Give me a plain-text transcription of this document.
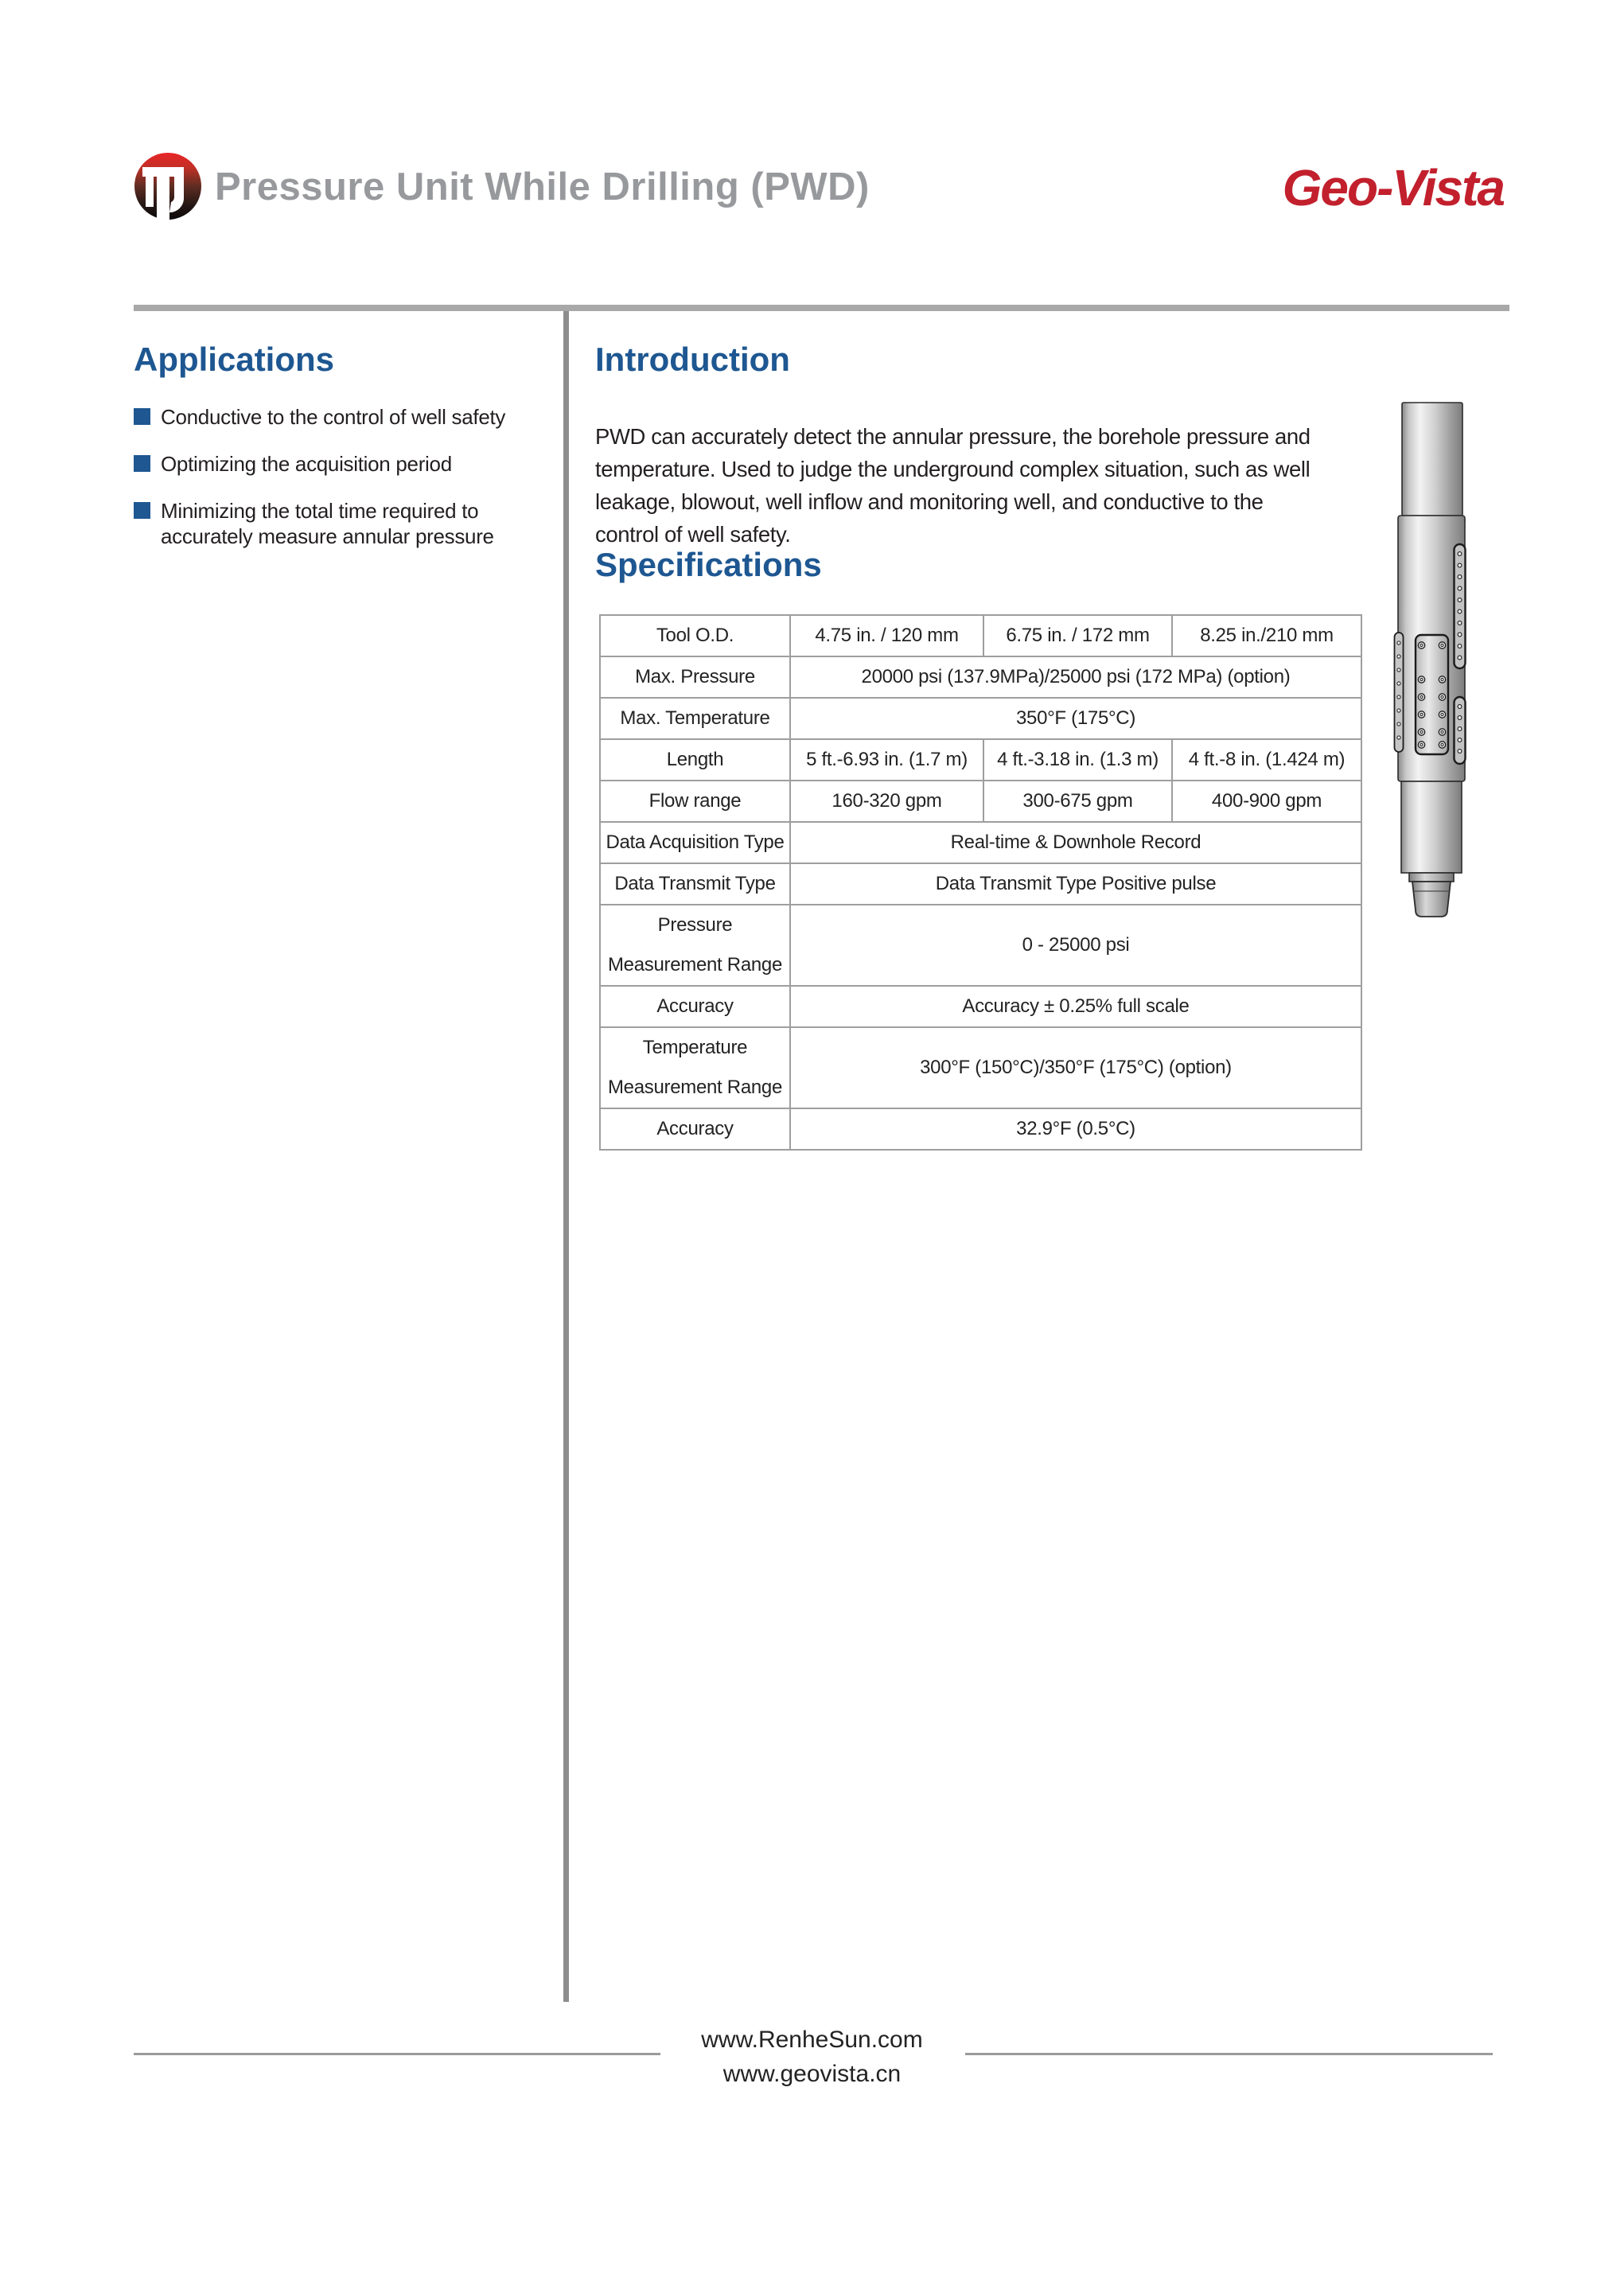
Pressure Unit While Drilling (PWD)	Geo-Vista
Applications
Conductive to the control of well safety
Optimizing the acquisition period
Minimizing the total time required to accurately measure annular pressure
Introduction

PWD can accurately detect the annular pressure, the borehole pressure and temperature. Used to judge the underground complex situation, such as well leakage, blowout, well inflow and monitoring well, and conductive to the control of well safety.

Specifications
Tool O.D.	4.75 in. / 120 mm	6.75 in. / 172 mm	8.25 in./210 mm
Max. Pressure	20000 psi (137.9MPa)/25000 psi (172 MPa) (option)		
Max. Temperature	350°F (175°C)		
Length	5 ft.-6.93 in. (1.7 m)	4 ft.-3.18 in. (1.3 m)	4 ft.-8 in. (1.424 m)
Flow range	160-320 gpm	300-675 gpm	400-900 gpm
Data Acquisition Type	Real-time & Downhole Record		
Data Transmit Type	Data Transmit Type Positive pulse		
Pressure Measurement Range	0 - 25000 psi		
Accuracy	Accuracy ± 0.25% full scale		
Temperature Measurement Range	300°F (150°C)/350°F (175°C) (option)		
Accuracy	32.9°F (0.5°C)		
www.RenheSun.com
www.geovista.cn
